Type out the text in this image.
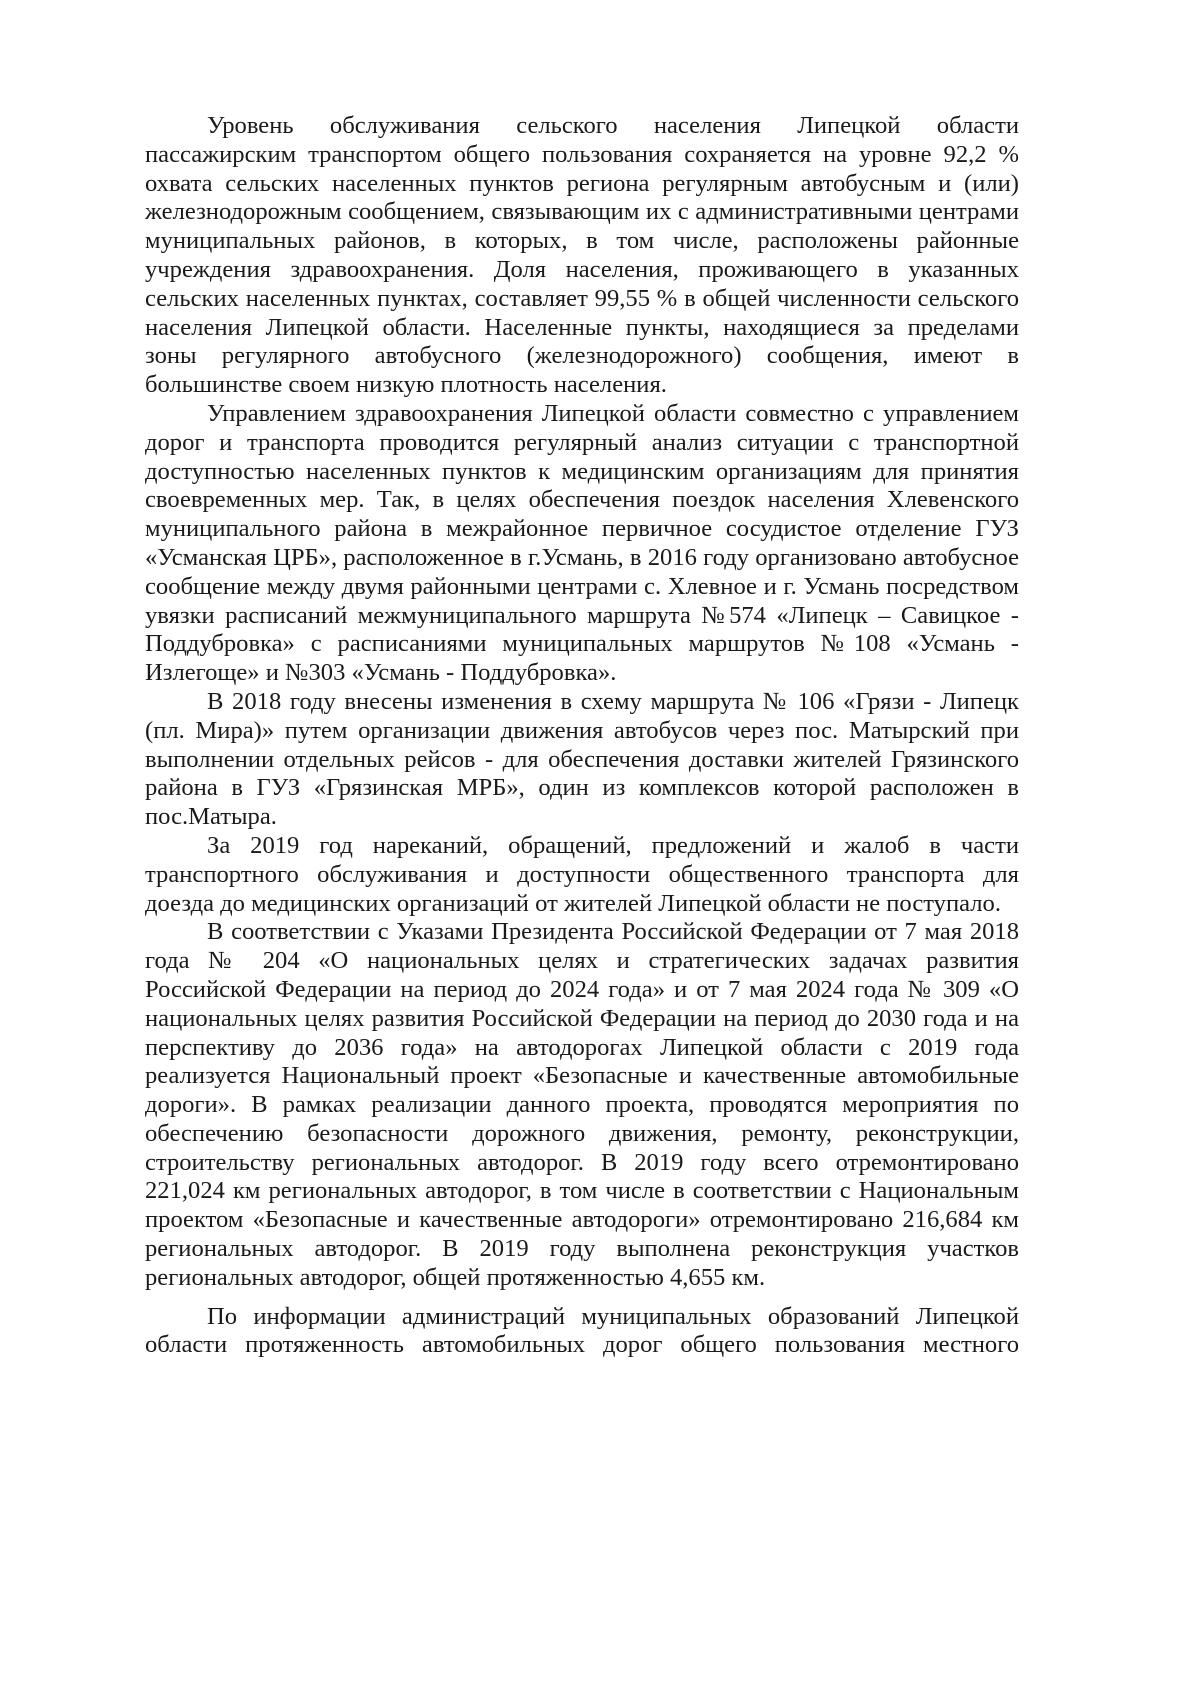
Уровень обслуживания сельского населения Липецкой области пассажирским транспортом общего пользования сохраняется на уровне 92,2 % охвата сельских населенных пунктов региона регулярным автобусным и (или) железнодорожным сообщением, связывающим их с административными центрами муниципальных районов, в которых, в том числе, расположены районные учреждения здравоохранения. Доля населения, проживающего в указанных сельских населенных пунктах, составляет 99,55 % в общей численности сельского населения Липецкой области. Населенные пункты, находящиеся за пределами зоны регулярного автобусного (железнодорожного) сообщения, имеют в большинстве своем низкую плотность населения.

Управлением здравоохранения Липецкой области совместно с управлением дорог и транспорта проводится регулярный анализ ситуации с транспортной доступностью населенных пунктов к медицинским организациям для принятия своевременных мер. Так, в целях обеспечения поездок населения Хлевенского муниципального района в межрайонное первичное сосудистое отделение ГУЗ «Усманская ЦРБ», расположенное в г.Усмань, в 2016 году организовано автобусное сообщение между двумя районными центрами с. Хлевное и г. Усмань посредством увязки расписаний межмуниципального маршрута №574 «Липецк – Савицкое - Поддубровка» с расписаниями муниципальных маршрутов №108 «Усмань - Излегоще» и №303 «Усмань - Поддубровка».

В 2018 году внесены изменения в схему маршрута № 106 «Грязи - Липецк (пл. Мира)» путем организации движения автобусов через пос. Матырский при выполнении отдельных рейсов - для обеспечения доставки жителей Грязинского района в ГУЗ «Грязинская МРБ», один из комплексов которой расположен в пос.Матыра.

За 2019 год нареканий, обращений, предложений и жалоб в части транспортного обслуживания и доступности общественного транспорта для доезда до медицинских организаций от жителей Липецкой области не поступало.

В соответствии с Указами Президента Российской Федерации от 7 мая 2018 года № 204 «О национальных целях и стратегических задачах развития Российской Федерации на период до 2024 года» и от 7 мая 2024 года № 309 «О национальных целях развития Российской Федерации на период до 2030 года и на перспективу до 2036 года» на автодорогах Липецкой области с 2019 года реализуется Национальный проект «Безопасные и качественные автомобильные дороги». В рамках реализации данного проекта, проводятся мероприятия по обеспечению безопасности дорожного движения, ремонту, реконструкции, строительству региональных автодорог. В 2019 году всего отремонтировано 221,024 км региональных автодорог, в том числе в соответствии с Национальным проектом «Безопасные и качественные автодороги» отремонтировано 216,684 км региональных автодорог. В 2019 году выполнена реконструкция участков региональных автодорог, общей протяженностью 4,655 км.

По информации администраций муниципальных образований Липецкой области протяженность автомобильных дорог общего пользования местного
